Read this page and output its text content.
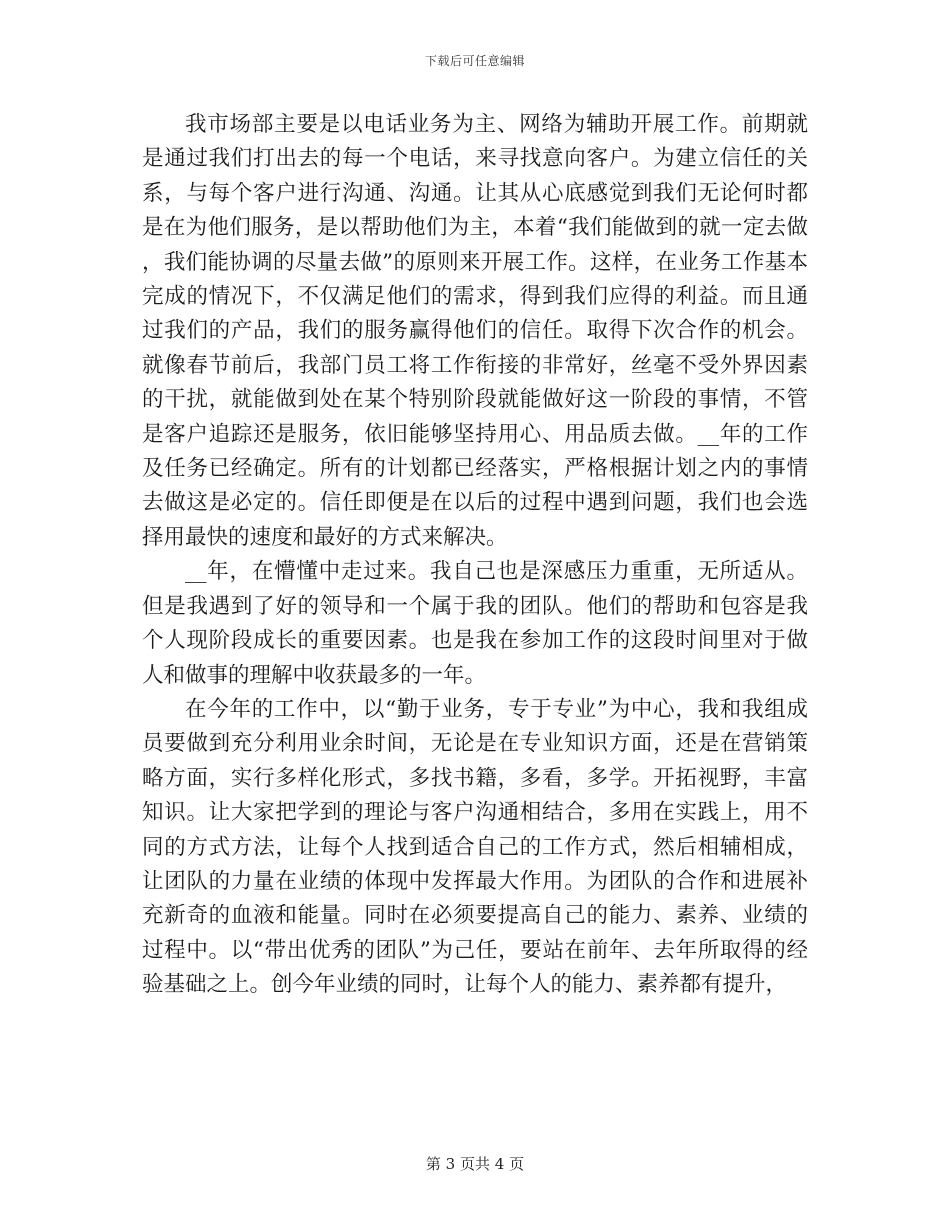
下载后可任意编辑

我市场部主要是以电话业务为主、网络为辅助开展工作。前期就是通过我们打出去的每一个电话，来寻找意向客户。为建立信任的关系，与每个客户进行沟通、沟通。让其从心底感觉到我们无论何时都是在为他们服务，是以帮助他们为主，本着“我们能做到的就一定去做，我们能协调的尽量去做”的原则来开展工作。这样，在业务工作基本完成的情况下，不仅满足他们的需求，得到我们应得的利益。而且通过我们的产品，我们的服务赢得他们的信任。取得下次合作的机会。就像春节前后，我部门员工将工作衔接的非常好，丝毫不受外界因素的干扰，就能做到处在某个特别阶段就能做好这一阶段的事情，不管是客户追踪还是服务，依旧能够坚持用心、用品质去做。__年的工作及任务已经确定。所有的计划都已经落实，严格根据计划之内的事情去做这是必定的。信任即便是在以后的过程中遇到问题，我们也会选择用最快的速度和最好的方式来解决。

__年，在懵懂中走过来。我自己也是深感压力重重，无所适从。但是我遇到了好的领导和一个属于我的团队。他们的帮助和包容是我个人现阶段成长的重要因素。也是我在参加工作的这段时间里对于做人和做事的理解中收获最多的一年。

在今年的工作中，以“勤于业务，专于专业”为中心，我和我组成员要做到充分利用业余时间，无论是在专业知识方面，还是在营销策略方面，实行多样化形式，多找书籍，多看，多学。开拓视野，丰富知识。让大家把学到的理论与客户沟通相结合，多用在实践上，用不同的方式方法，让每个人找到适合自己的工作方式，然后相辅相成，让团队的力量在业绩的体现中发挥最大作用。为团队的合作和进展补充新奇的血液和能量。同时在必须要提高自己的能力、素养、业绩的过程中。以“带出优秀的团队”为己任，要站在前年、去年所取得的经验基础之上。创今年业绩的同时，让每个人的能力、素养都有提升，

第 3 页共 4 页
